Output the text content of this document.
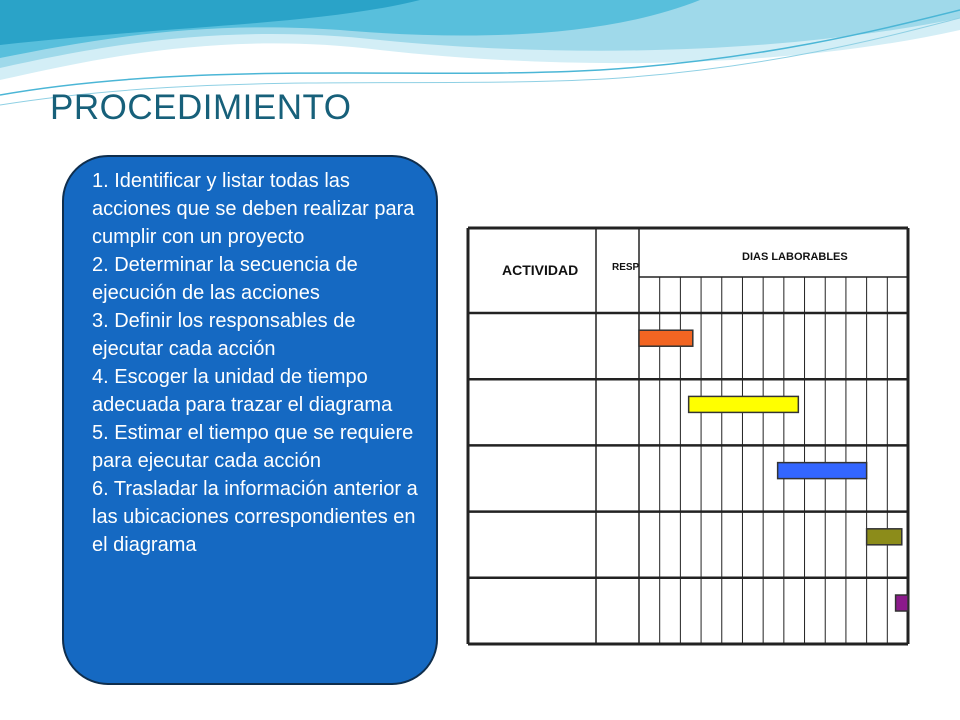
PROCEDIMIENTO

1. Identificar y listar todas las acciones que se deben realizar para cumplir con un proyecto

2. Determinar la secuencia de ejecución de las acciones

3. Definir los responsables de ejecutar cada acción

4. Escoger la unidad de tiempo adecuada para trazar el diagrama

5. Estimar el tiempo que se requiere para ejecutar cada acción

6. Trasladar la información anterior a las ubicaciones correspondientes en el diagrama

ACTIVIDAD	RESP
DIAS LABORABLES
